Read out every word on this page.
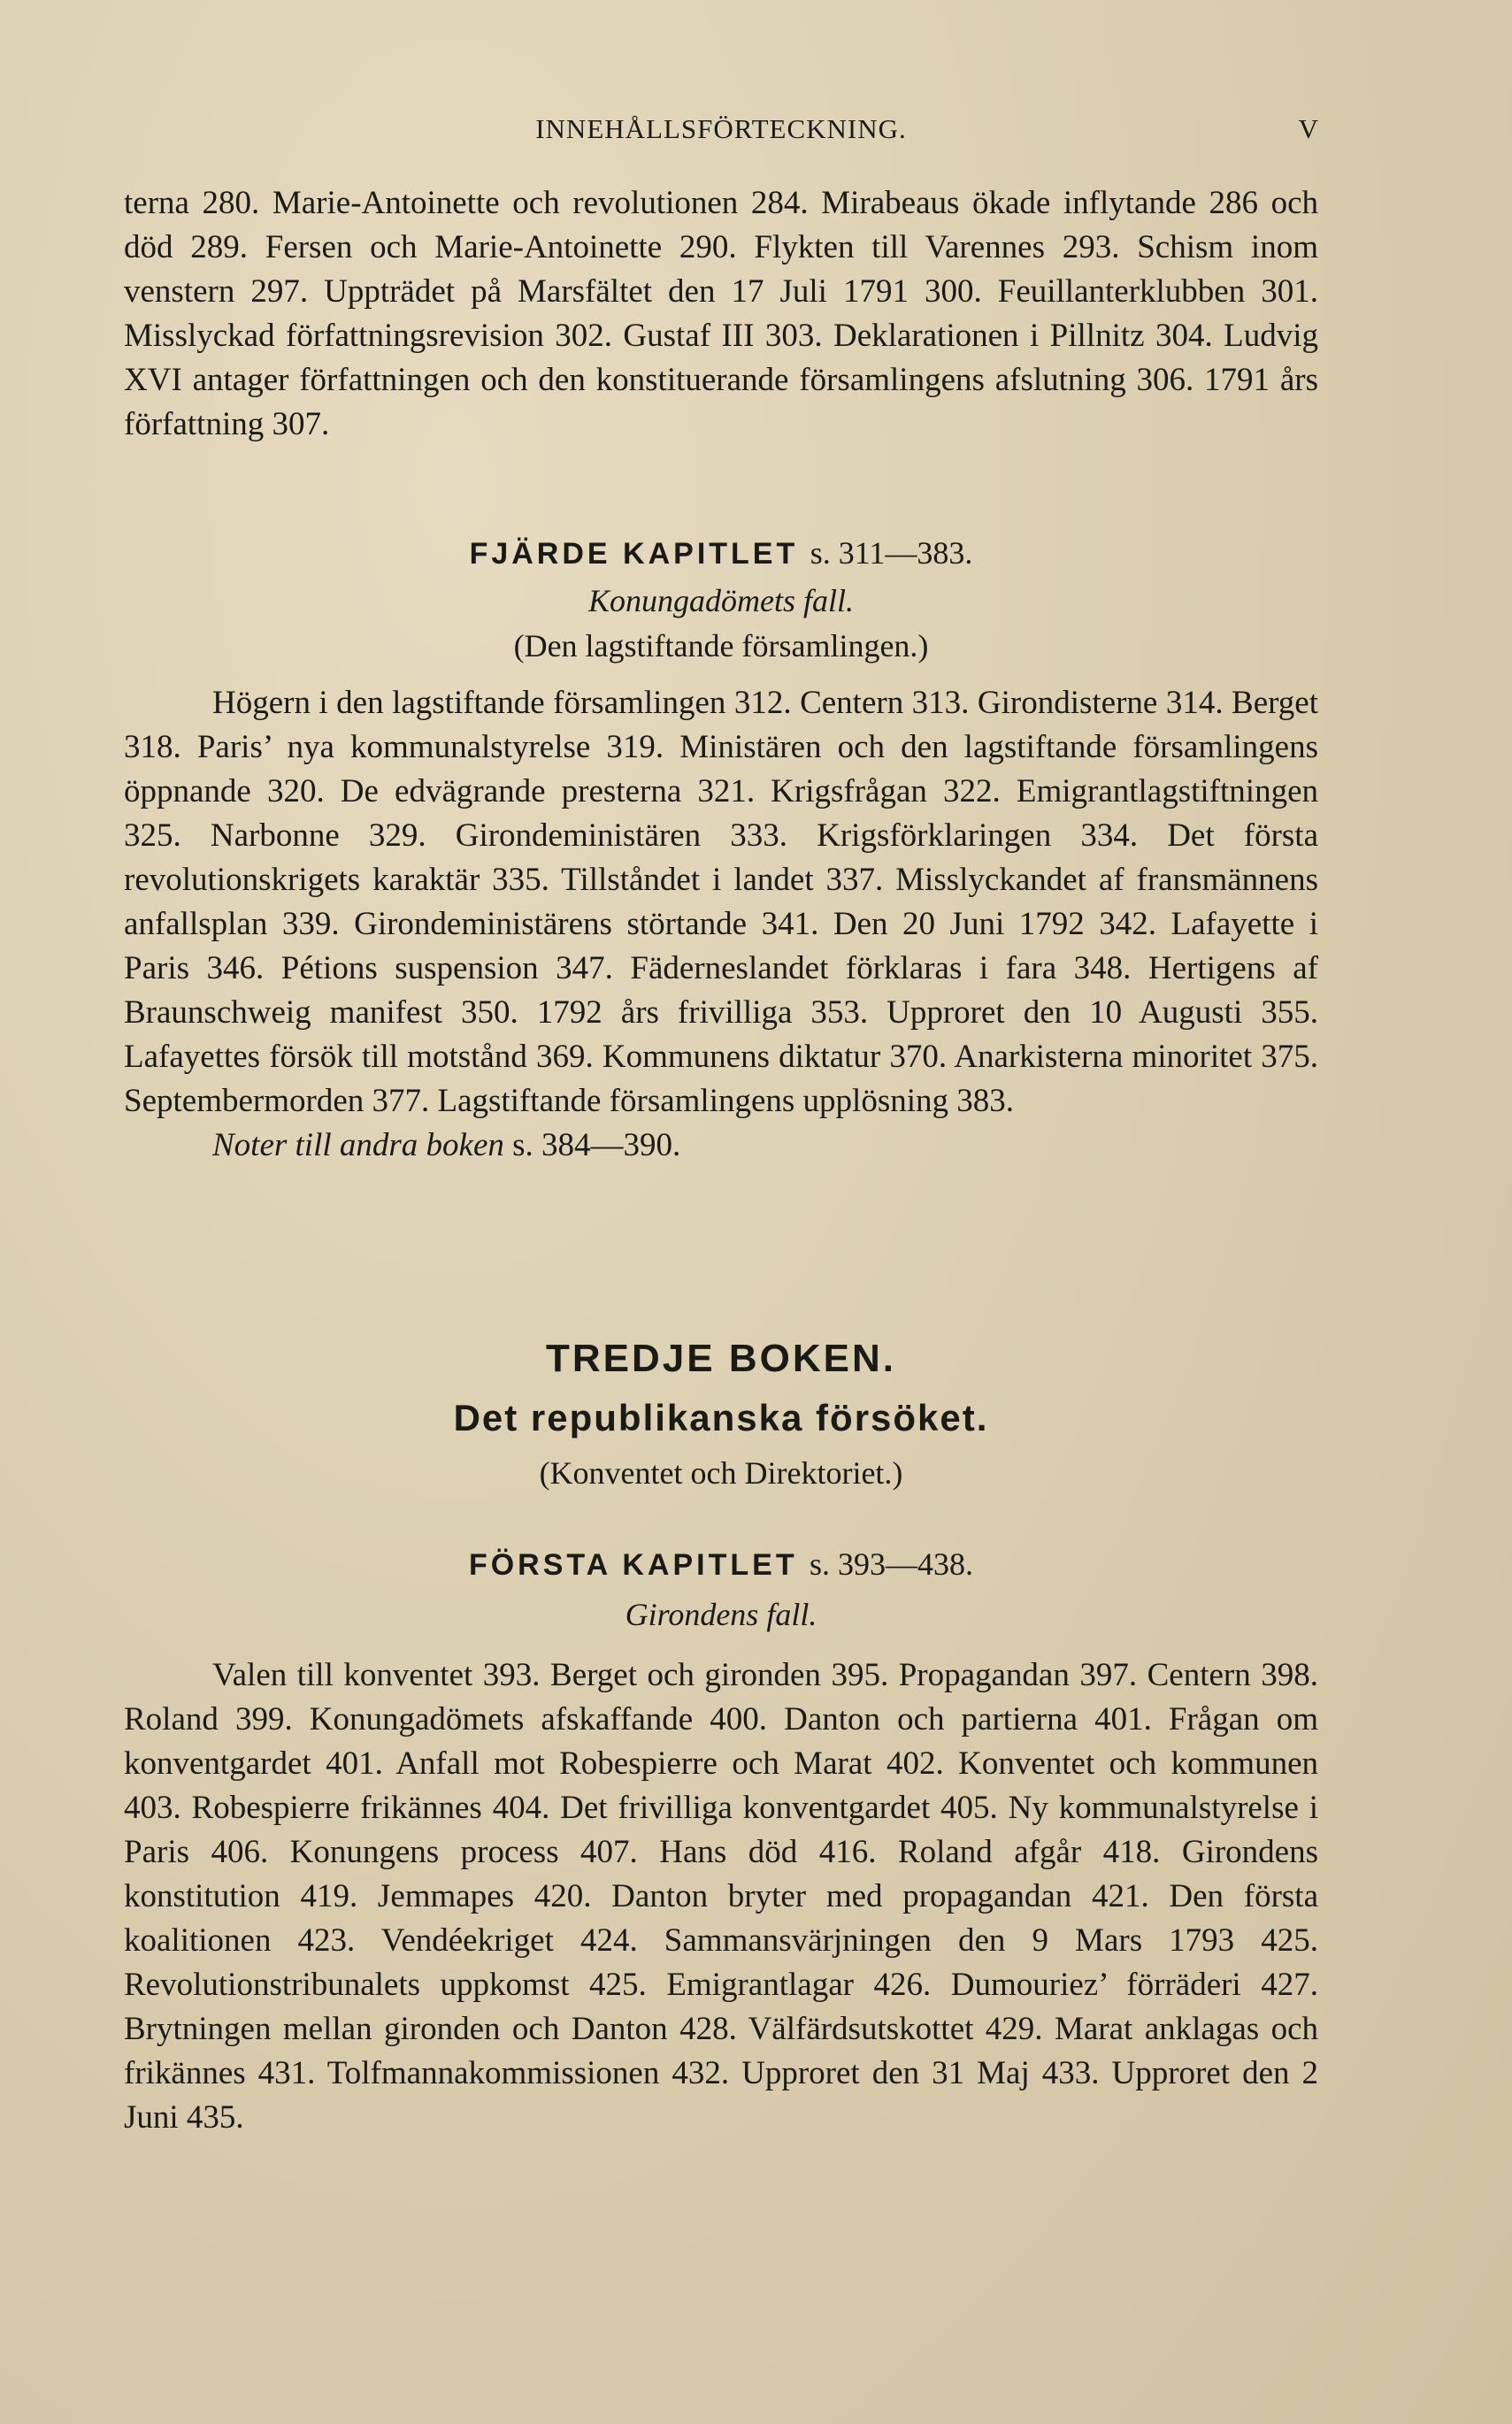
INNEHÅLLSFÖRTECKNING.	V

terna 280. Marie-Antoinette och revolutionen 284. Mirabeaus ökade inflytande 286 och död 289. Fersen och Marie-Antoinette 290. Flykten till Varennes 293. Schism inom venstern 297. Uppträdet på Marsfältet den 17 Juli 1791 300. Feuillanterklubben 301. Misslyckad författningsrevision 302. Gustaf III 303. Deklarationen i Pillnitz 304. Ludvig XVI antager författningen och den konstituerande församlingens afslutning 306. 1791 års författning 307.

FJÄRDE KAPITLET s. 311—383.

Konungadömets fall.

(Den lagstiftande församlingen.)

Högern i den lagstiftande församlingen 312. Centern 313. Girondisterne 314. Berget 318. Paris’ nya kommunalstyrelse 319. Ministären och den lagstiftande församlingens öppnande 320. De edvägrande presterna 321. Krigsfrågan 322. Emigrantlagstiftningen 325. Narbonne 329. Girondeministären 333. Krigsförklaringen 334. Det första revolutionskrigets karaktär 335. Tillståndet i landet 337. Misslyckandet af fransmännens anfallsplan 339. Girondeministärens störtande 341. Den 20 Juni 1792 342. Lafayette i Paris 346. Pétions suspension 347. Fäderneslandet förklaras i fara 348. Hertigens af Braunschweig manifest 350. 1792 års frivilliga 353. Upproret den 10 Augusti 355. Lafayettes försök till motstånd 369. Kommunens diktatur 370. Anarkisterna minoritet 375. Septembermorden 377. Lagstiftande församlingens upplösning 383.

Noter till andra boken s. 384—390.

TREDJE BOKEN.

Det republikanska försöket.

(Konventet och Direktoriet.)

FÖRSTA KAPITLET s. 393—438.

Girondens fall.

Valen till konventet 393. Berget och gironden 395. Propagandan 397. Centern 398. Roland 399. Konungadömets afskaffande 400. Danton och partierna 401. Frågan om konventgardet 401. Anfall mot Robespierre och Marat 402. Konventet och kommunen 403. Robespierre frikännes 404. Det frivilliga konventgardet 405. Ny kommunalstyrelse i Paris 406. Konungens process 407. Hans död 416. Roland afgår 418. Girondens konstitution 419. Jemmapes 420. Danton bryter med propagandan 421. Den första koalitionen 423. Vendéekriget 424. Sammansvärjningen den 9 Mars 1793 425. Revolutionstribunalets uppkomst 425. Emigrantlagar 426. Dumouriez’ förräderi 427. Brytningen mellan gironden och Danton 428. Välfärdsutskottet 429. Marat anklagas och frikännes 431. Tolfmannakommissionen 432. Upproret den 31 Maj 433. Upproret den 2 Juni 435.
